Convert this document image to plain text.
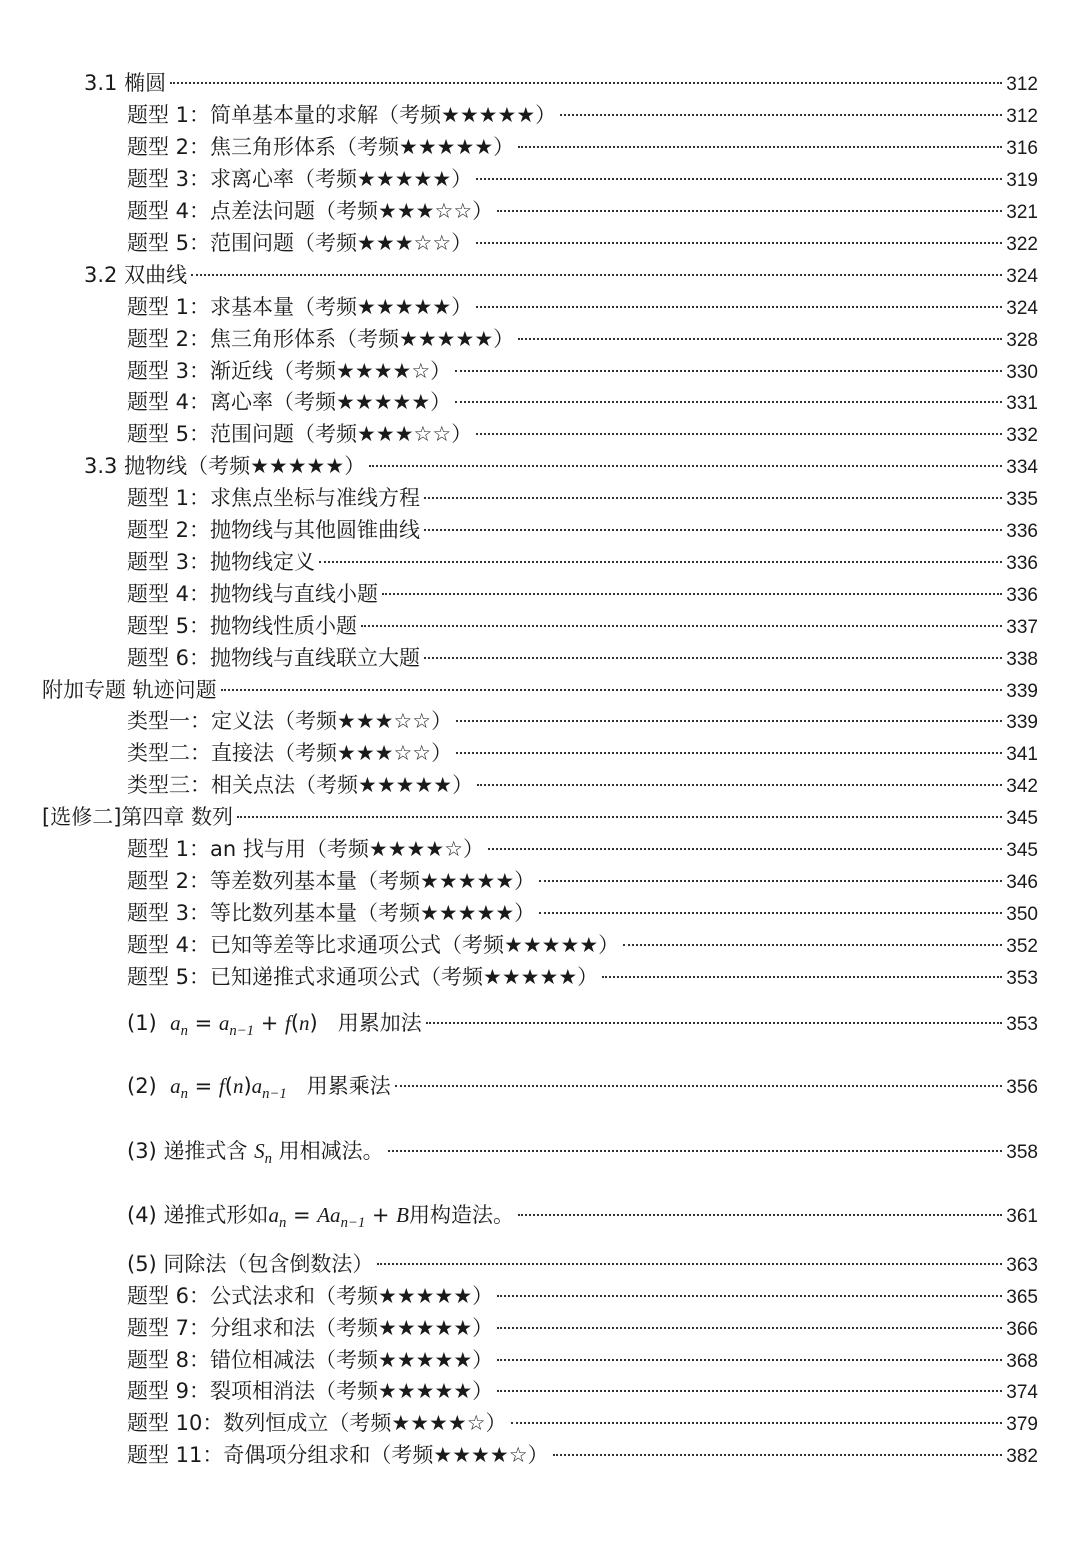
3.1 椭圆	312
题型 1：简单基本量的求解（考频★★★★★）	312
题型 2：焦三角形体系（考频★★★★★）	316
题型 3：求离心率（考频★★★★★）	319
题型 4：点差法问题（考频★★★☆☆）	321
题型 5：范围问题（考频★★★☆☆）	322
3.2 双曲线	324
题型 1：求基本量（考频★★★★★）	324
题型 2：焦三角形体系（考频★★★★★）	328
题型 3：渐近线（考频★★★★☆）	330
题型 4：离心率（考频★★★★★）	331
题型 5：范围问题（考频★★★☆☆）	332
3.3 抛物线（考频★★★★★）	334
题型 1：求焦点坐标与准线方程	335
题型 2：抛物线与其他圆锥曲线	336
题型 3：抛物线定义	336
题型 4：抛物线与直线小题	336
题型 5：抛物线性质小题	337
题型 6：抛物线与直线联立大题	338
附加专题 轨迹问题	339
类型一：定义法（考频★★★☆☆）	339
类型二：直接法（考频★★★☆☆）	341
类型三：相关点法（考频★★★★★）	342
[选修二]第四章 数列	345
题型 1：an 找与用（考频★★★★☆）	345
题型 2：等差数列基本量（考频★★★★★）	346
题型 3：等比数列基本量（考频★★★★★）	350
题型 4：已知等差等比求通项公式（考频★★★★★）	352
题型 5：已知递推式求通项公式（考频★★★★★）	353
(1) $a_n = a_{n-1} + f(n)$   用累加法	353
(2) $a_n = f(n)a_{n-1}$ 用累乘法	356
(3) 递推式含 $S_n$ 用相减法。	358
(4) 递推式形如$a_n = Aa_{n-1} + B$用构造法。	361
(5) 同除法（包含倒数法）	363
题型 6：公式法求和（考频★★★★★）	365
题型 7：分组求和法（考频★★★★★）	366
题型 8：错位相减法（考频★★★★★）	368
题型 9：裂项相消法（考频★★★★★）	374
题型 10：数列恒成立（考频★★★★☆）	379
题型 11：奇偶项分组求和（考频★★★★☆）	382
